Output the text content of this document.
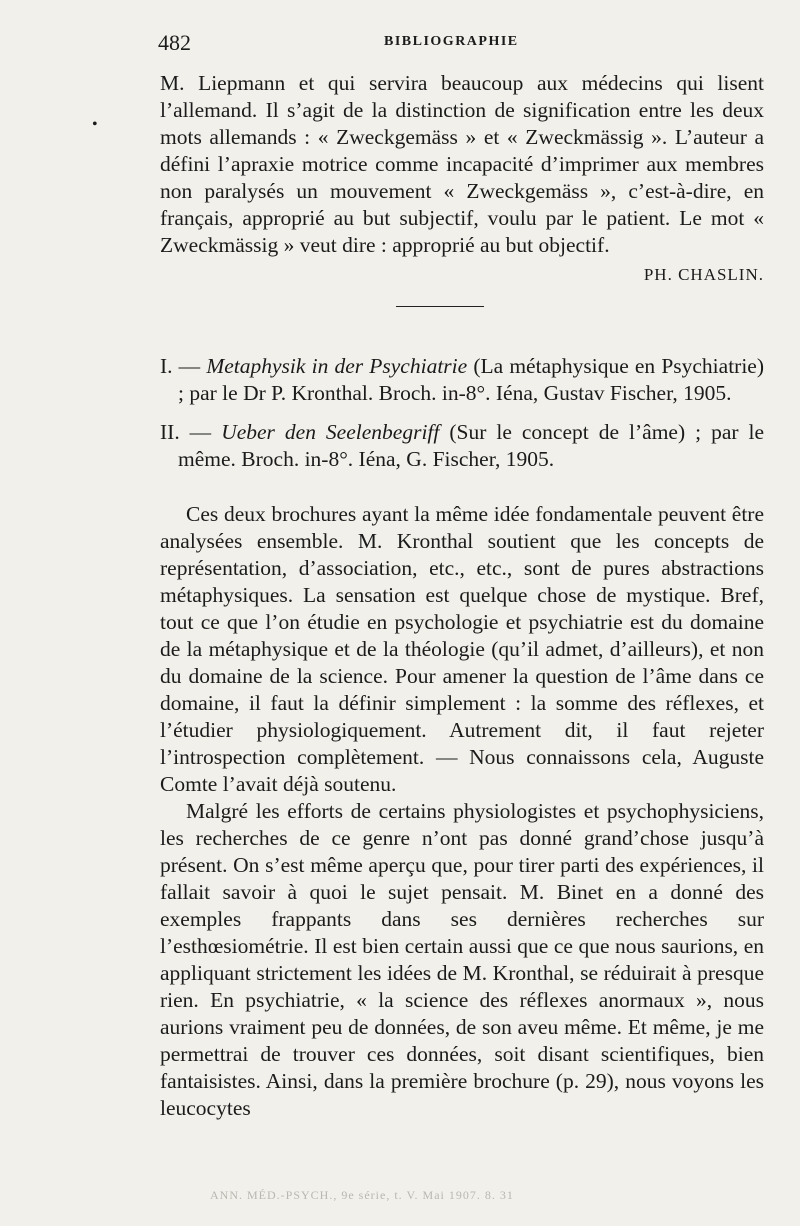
482	BIBLIOGRAPHIE
•

M. Liepmann et qui servira beaucoup aux médecins qui lisent l’allemand. Il s’agit de la distinction de signification entre les deux mots allemands : « Zweckgemäss » et « Zweckmässig ». L’auteur a défini l’apraxie motrice comme incapacité d’imprimer aux membres non paralysés un mouvement « Zweckgemäss », c’est-à-dire, en français, approprié au but subjectif, voulu par le patient. Le mot « Zweckmässig » veut dire : approprié au but objectif.

PH. CHASLIN.

I. — Metaphysik in der Psychiatrie (La métaphysique en Psychiatrie) ; par le Dr P. Kronthal. Broch. in-8°. Iéna, Gustav Fischer, 1905.

II. — Ueber den Seelenbegriff (Sur le concept de l’âme) ; par le même. Broch. in-8°. Iéna, G. Fischer, 1905.

Ces deux brochures ayant la même idée fondamentale peuvent être analysées ensemble. M. Kronthal soutient que les concepts de représentation, d’association, etc., etc., sont de pures abstractions métaphysiques. La sensation est quelque chose de mystique. Bref, tout ce que l’on étudie en psychologie et psychiatrie est du domaine de la métaphysique et de la théologie (qu’il admet, d’ailleurs), et non du domaine de la science. Pour amener la question de l’âme dans ce domaine, il faut la définir simplement : la somme des réflexes, et l’étudier physiologiquement. Autrement dit, il faut rejeter l’introspection complètement. — Nous connaissons cela, Auguste Comte l’avait déjà soutenu.

Malgré les efforts de certains physiologistes et psychophysiciens, les recherches de ce genre n’ont pas donné grand’chose jusqu’à présent. On s’est même aperçu que, pour tirer parti des expériences, il fallait savoir à quoi le sujet pensait. M. Binet en a donné des exemples frappants dans ses dernières recherches sur l’esthœsiométrie. Il est bien certain aussi que ce que nous saurions, en appliquant strictement les idées de M. Kronthal, se réduirait à presque rien. En psychiatrie, « la science des réflexes anormaux », nous aurions vraiment peu de données, de son aveu même. Et même, je me permettrai de trouver ces données, soit disant scientifiques, bien fantaisistes. Ainsi, dans la première brochure (p. 29), nous voyons les leucocytes

ANN. MÉD.-PSYCH., 9e série, t. V. Mai 1907. 8. 31
